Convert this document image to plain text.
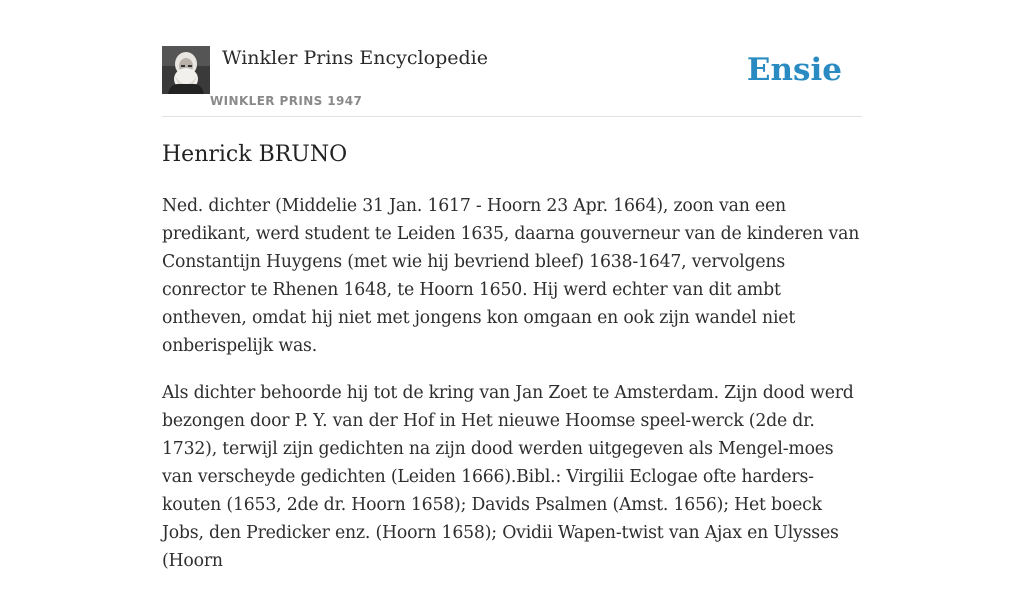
Winkler Prins Encyclopedie
WINKLER PRINS 1947
Ensie
Henrick BRUNO

Ned. dichter (Middelie 31 Jan. 1617 - Hoorn 23 Apr. 1664), zoon van een predikant, werd student te Leiden 1635, daarna gouverneur van de kinderen van Constantijn Huygens (met wie hij bevriend bleef) 1638-1647, vervolgens conrector te Rhenen 1648, te Hoorn 1650. Hij werd echter van dit ambt ontheven, omdat hij niet met jongens kon omgaan en ook zijn wandel niet onberispelijk was.

Als dichter behoorde hij tot de kring van Jan Zoet te Amsterdam. Zijn dood werd bezongen door P. Y. van der Hof in Het nieuwe Hoomse speel-werck (2de dr. 1732), terwijl zijn gedichten na zijn dood werden uitgegeven als Mengel-moes van verscheyde gedichten (Leiden 1666).Bibl.: Virgilii Eclogae ofte harders-kouten (1653, 2de dr. Hoorn 1658); Davids Psalmen (Amst. 1656); Het boeck Jobs, den Predicker enz. (Hoorn 1658); Ovidii Wapen-twist van Ajax en Ulysses (Hoorn
